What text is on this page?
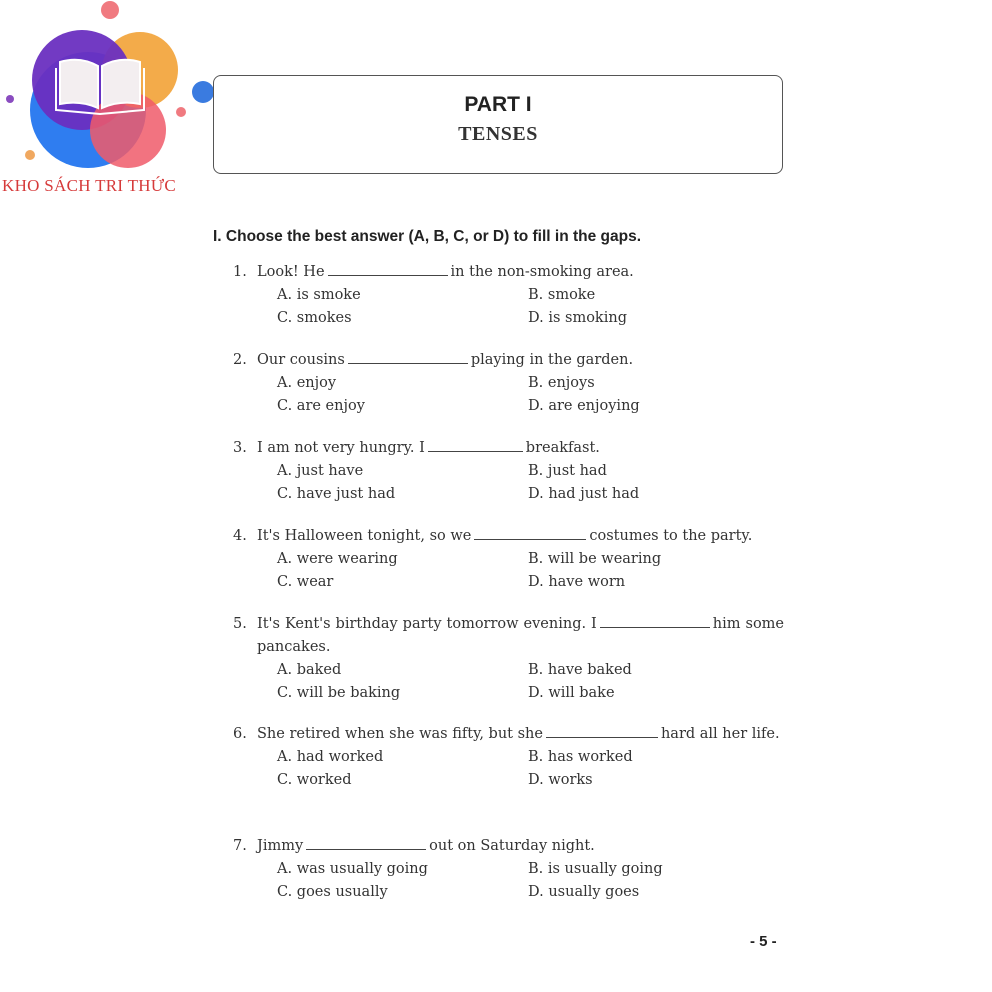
KHO SÁCH TRI THỨC
PART I
TENSES
I. Choose the best answer (A, B, C, or D) to fill in the gaps.
1. Look! He	in the non-smoking area.
A. is smoke	B. smoke
C. smokes	D. is smoking
2. Our cousins	playing in the garden.
A. enjoy	B. enjoys
C. are enjoy	D. are enjoying
3. I am not very hungry. I	breakfast.
A. just have	B. just had
C. have just had	D. had just had
4. It's Halloween tonight, so we	costumes to the party.
A. were wearing	B. will be wearing
C. wear	D. have worn
5. It's Kent's birthday party tomorrow evening. I	him some pancakes.
A. baked	B. have baked
C. will be baking	D. will bake
6. She retired when she was fifty, but she	hard all her life.
A. had worked	B. has worked
C. worked	D. works
7. Jimmy	out on Saturday night.
A. was usually going	B. is usually going
C. goes usually	D. usually goes
- 5 -
